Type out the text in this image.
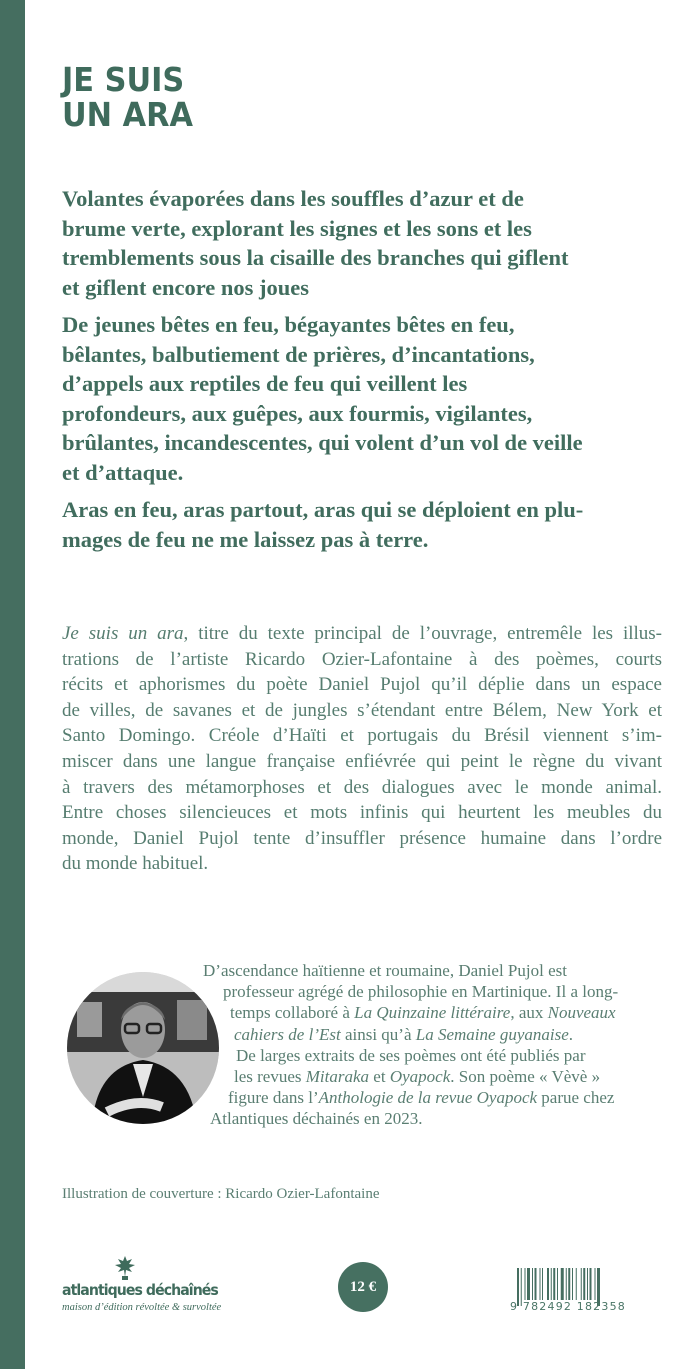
JE SUIS
UN ARA

Volantes évaporées dans les souffles d’azur et de
brume verte, explorant les signes et les sons et les
tremblements sous la cisaille des branches qui giflent
et giflent encore nos joues

De jeunes bêtes en feu, bégayantes bêtes en feu,
bêlantes, balbutiement de prières, d’incantations,
d’appels aux reptiles de feu qui veillent les
profondeurs, aux guêpes, aux fourmis, vigilantes,
brûlantes, incandescentes, qui volent d’un vol de veille
et d’attaque.

Aras en feu, aras partout, aras qui se déploient en plu-
mages de feu ne me laissez pas à terre.

Je suis un ara, titre du texte principal de l’ouvrage, entremêle les illus-
trations de l’artiste Ricardo Ozier-Lafontaine à des poèmes, courts
récits et aphorismes du poète Daniel Pujol qu’il déplie dans un espace
de villes, de savanes et de jungles s’étendant entre Bélem, New York et
Santo Domingo. Créole d’Haïti et portugais du Brésil viennent s’im-
miscer dans une langue française enfiévrée qui peint le règne du vivant
à travers des métamorphoses et des dialogues avec le monde animal.
Entre choses silencieuces et mots infinis qui heurtent les meubles du
monde, Daniel Pujol tente d’insuffler présence humaine dans l’ordre
du monde habituel.
D’ascendance haïtienne et roumaine, Daniel Pujol est
professeur agrégé de philosophie en Martinique. Il a long-
temps collaboré à La Quinzaine littéraire, aux Nouveaux
cahiers de l’Est ainsi qu’à La Semaine guyanaise.
De larges extraits de ses poèmes ont été publiés par
les revues Mitaraka et Oyapock. Son poème « Vèvè »
figure dans l’Anthologie de la revue Oyapock parue chez
Atlantiques déchainés en 2023.
Illustration de couverture : Ricardo Ozier-Lafontaine
atlantiques déchaînés
maison d’édition révoltée & survoltée
12 €
9 782492 182358
